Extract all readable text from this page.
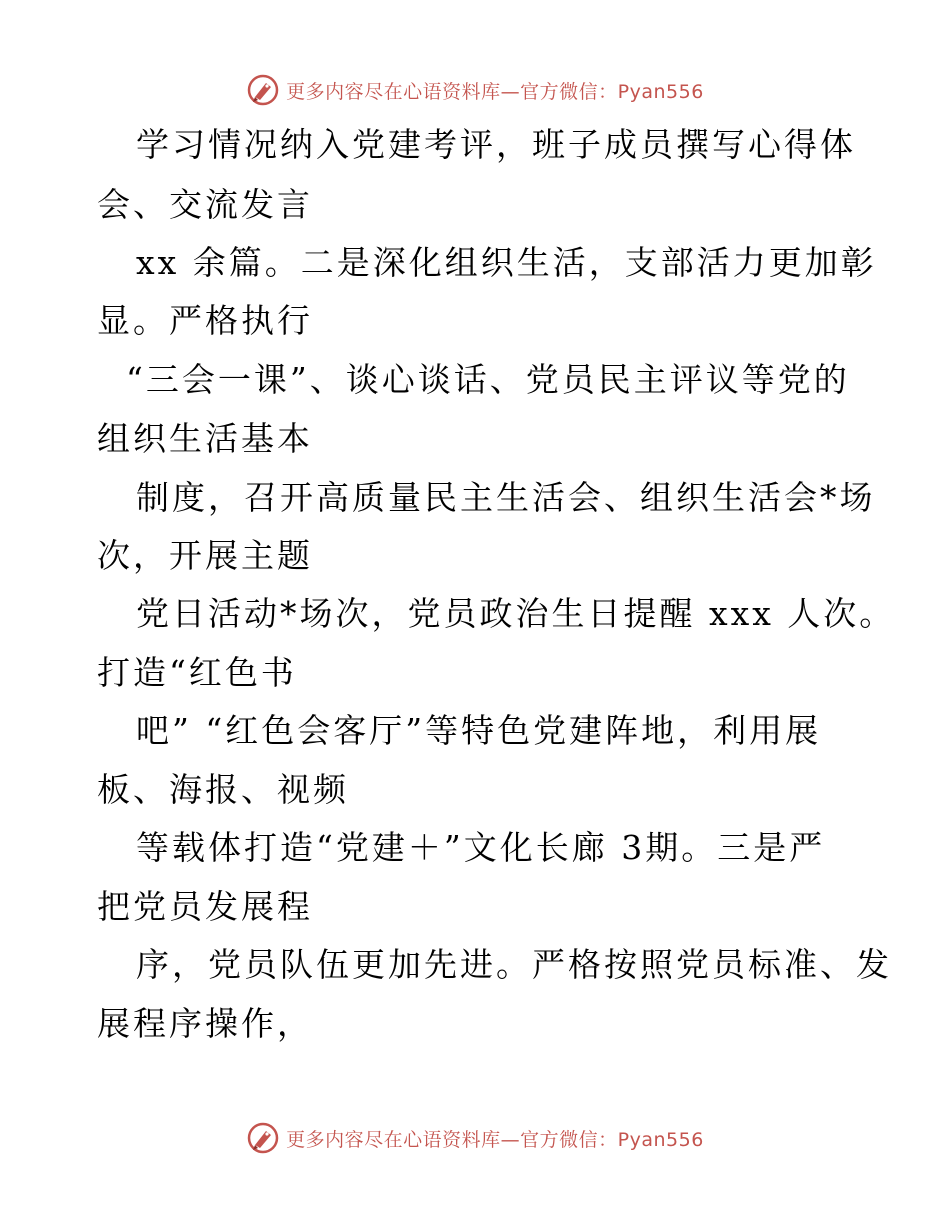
更多内容尽在心语资料库—官方微信：Pyan556
学习情况纳入党建考评，班子成员撰写心得体
会、交流发言
xx 余篇。二是深化组织生活，支部活力更加彰
显。严格执行
“三会一课”、谈心谈话、党员民主评议等党的
组织生活基本
制度，召开高质量民主生活会、组织生活会*场
次，开展主题
党日活动*场次，党员政治生日提醒 xxx 人次。
打造“红色书
吧” “红色会客厅”等特色党建阵地，利用展
板、海报、视频
等载体打造“党建＋”文化长廊 3期。三是严
把党员发展程
序，党员队伍更加先进。严格按照党员标准、发
展程序操作，
更多内容尽在心语资料库—官方微信：Pyan556
